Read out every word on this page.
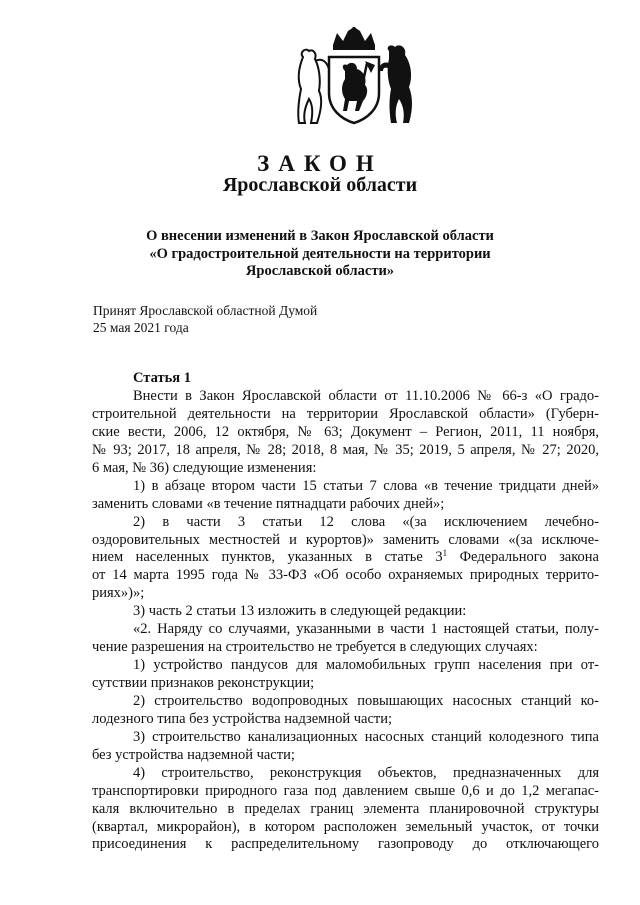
ЗАКОН
Ярославской области
О внесении изменений в Закон Ярославской области
«О градостроительной деятельности на территории
Ярославской области»
Принят Ярославской областной Думой
25 мая 2021 года
Статья 1
Внести в Закон Ярославской области от 11.10.2006 № 66-з «О градо-
строительной деятельности на территории Ярославской области» (Губерн-
ские вести, 2006, 12 октября, № 63; Документ – Регион, 2011, 11 ноября,
№ 93; 2017, 18 апреля, № 28; 2018, 8 мая, № 35; 2019, 5 апреля, № 27; 2020,
6 мая, № 36) следующие изменения:
1) в абзаце втором части 15 статьи 7 слова «в течение тридцати дней»
заменить словами «в течение пятнадцати рабочих дней»;
2) в части 3 статьи 12 слова «(за исключением лечебно-
оздоровительных местностей и курортов)» заменить словами «(за исключе-
нием населенных пунктов, указанных в статье $3^1$ Федерального закона
от 14 марта 1995 года № 33-ФЗ «Об особо охраняемых природных террито-
риях»)»;
3) часть 2 статьи 13 изложить в следующей редакции:
«2. Наряду со случаями, указанными в части 1 настоящей статьи, полу-
чение разрешения на строительство не требуется в следующих случаях:
1) устройство пандусов для маломобильных групп населения при от-
сутствии признаков реконструкции;
2) строительство водопроводных повышающих насосных станций ко-
лодезного типа без устройства надземной части;
3) строительство канализационных насосных станций колодезного типа
без устройства надземной части;
4) строительство, реконструкция объектов, предназначенных для
транспортировки природного газа под давлением свыше 0,6 и до 1,2 мегапас-
каля включительно в пределах границ элемента планировочной структуры
(квартал, микрорайон), в котором расположен земельный участок, от точки
присоединения к распределительному газопроводу до отключающего
